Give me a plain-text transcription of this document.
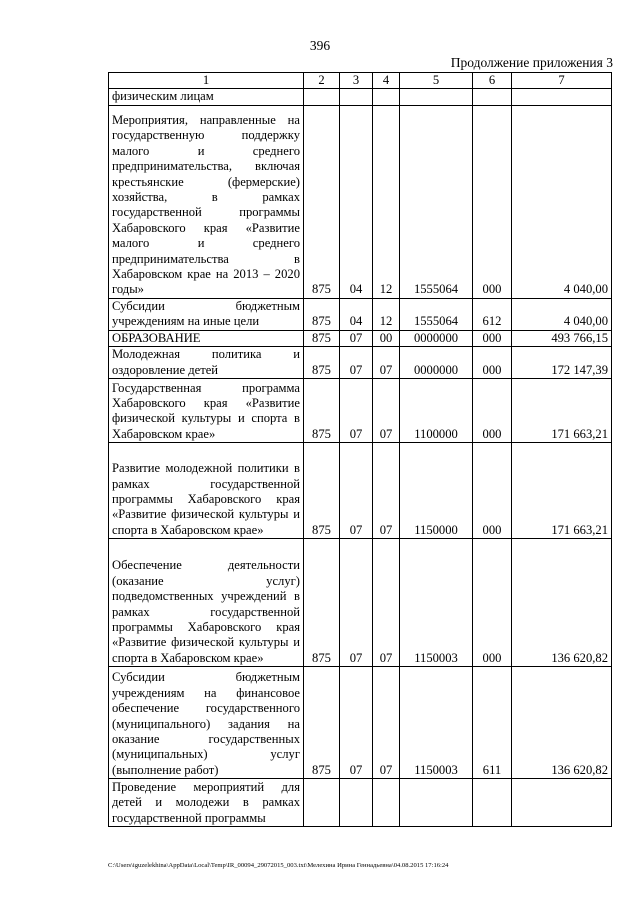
396
Продолжение приложения 3
1	2	3	4	5	6	7
физическим лицам						
Мероприятия, направленные на государственную поддержку малого и среднего предпринимательства, включая крестьянские (фермерские) хозяйства, в рамках государственной программы Хабаровского края «Развитие малого и среднего предпринимательства в Хабаровском крае на 2013 – 2020 годы»	875	04	12	1555064	000	4 040,00
Субсидии бюджетным учреждениям на иные цели	875	04	12	1555064	612	4 040,00
ОБРАЗОВАНИЕ	875	07	00	0000000	000	493 766,15
Молодежная политика и оздоровление детей	875	07	07	0000000	000	172 147,39
Государственная программа Хабаровского края «Развитие физической культуры и спорта в Хабаровском крае»	875	07	07	1100000	000	171 663,21
Развитие молодежной политики в рамках государственной программы Хабаровского края «Развитие физической культуры и спорта в Хабаровском крае»	875	07	07	1150000	000	171 663,21
Обеспечение деятельности (оказание услуг) подведомственных учреждений в рамках государственной программы Хабаровского края «Развитие физической культуры и спорта в Хабаровском крае»	875	07	07	1150003	000	136 620,82
Субсидии бюджетным учреждениям на финансовое обеспечение государственного (муниципального) задания на оказание государственных (муниципальных) услуг (выполнение работ)	875	07	07	1150003	611	136 620,82
Проведение мероприятий для детей и молодежи в рамках государственной программы						
C:\Users\iguzelekhina\AppData\Local\Temp\IR_00094_29072015_003.txt\Мелехина Ирина Геннадьевна\04.08.2015 17:16:24
